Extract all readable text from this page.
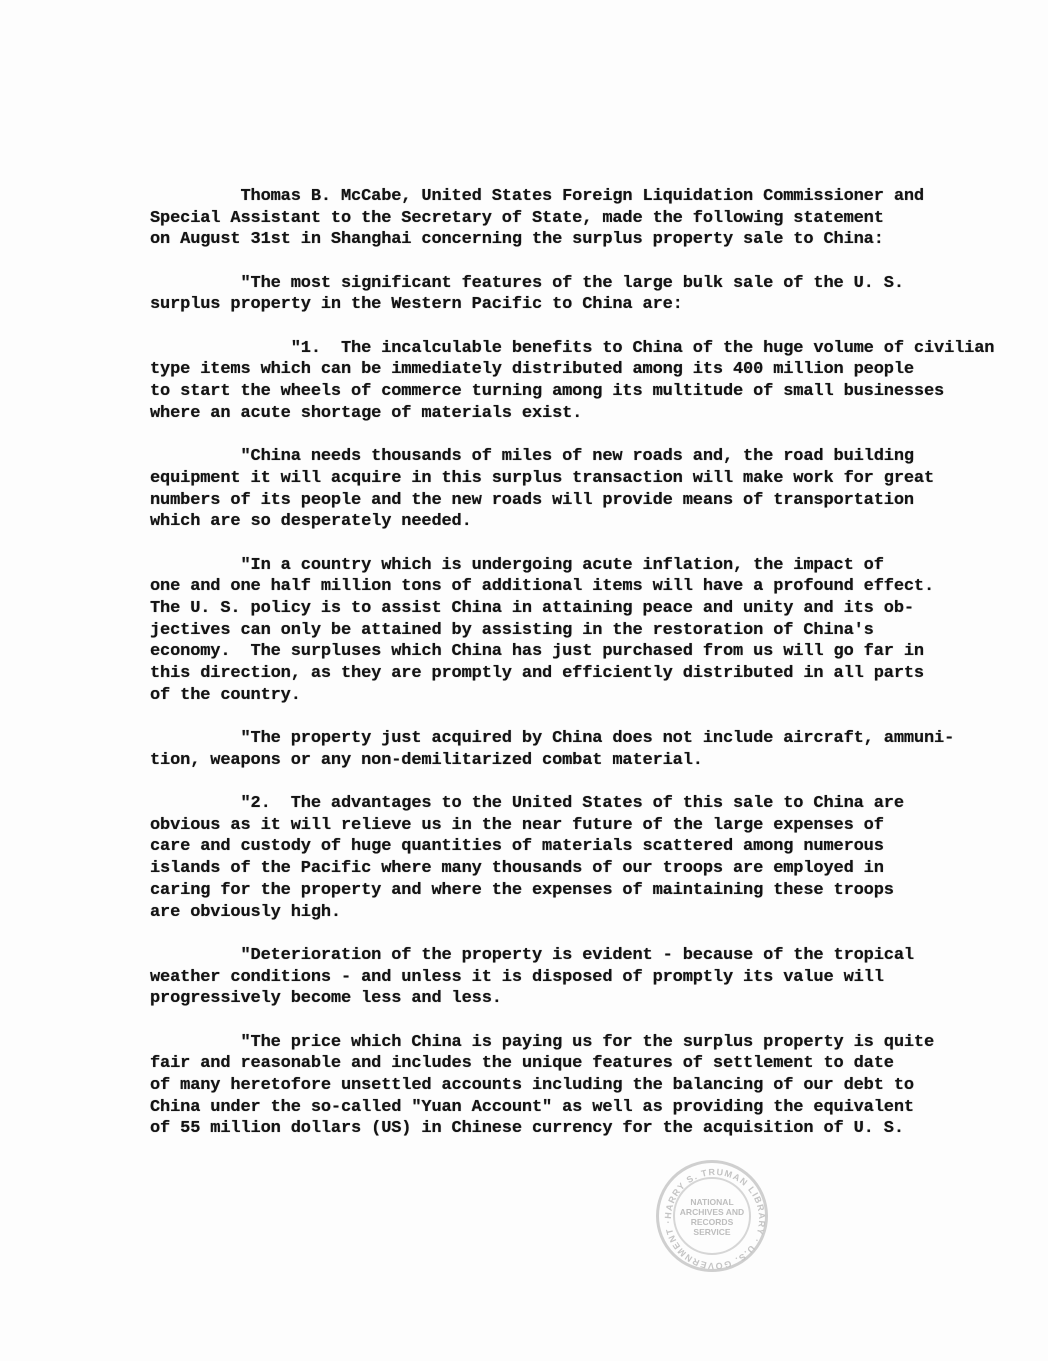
Thomas B. McCabe, United States Foreign Liquidation Commissioner and
Special Assistant to the Secretary of State, made the following statement
on August 31st in Shanghai concerning the surplus property sale to China:
"The most significant features of the large bulk sale of the U. S.
surplus property in the Western Pacific to China are:
"1.  The incalculable benefits to China of the huge volume of civilian
type items which can be immediately distributed among its 400 million people
to start the wheels of commerce turning among its multitude of small businesses
where an acute shortage of materials exist.
"China needs thousands of miles of new roads and, the road building
equipment it will acquire in this surplus transaction will make work for great
numbers of its people and the new roads will provide means of transportation
which are so desperately needed.
"In a country which is undergoing acute inflation, the impact of
one and one half million tons of additional items will have a profound effect.
The U. S. policy is to assist China in attaining peace and unity and its ob-
jectives can only be attained by assisting in the restoration of China's
economy.  The surpluses which China has just purchased from us will go far in
this direction, as they are promptly and efficiently distributed in all parts
of the country.
"The property just acquired by China does not include aircraft, ammuni-
tion, weapons or any non-demilitarized combat material.
"2.  The advantages to the United States of this sale to China are
obvious as it will relieve us in the near future of the large expenses of
care and custody of huge quantities of materials scattered among numerous
islands of the Pacific where many thousands of our troops are employed in
caring for the property and where the expenses of maintaining these troops
are obviously high.
"Deterioration of the property is evident - because of the tropical
weather conditions - and unless it is disposed of promptly its value will
progressively become less and less.
"The price which China is paying us for the surplus property is quite
fair and reasonable and includes the unique features of settlement to date
of many heretofore unsettled accounts including the balancing of our debt to
China under the so-called "Yuan Account" as well as providing the equivalent
of 55 million dollars (US) in Chinese currency for the acquisition of U. S.
HARRY S. TRUMAN LIBRARY · U.S. GOVERNMENT ·
NATIONAL
ARCHIVES AND
RECORDS
SERVICE
